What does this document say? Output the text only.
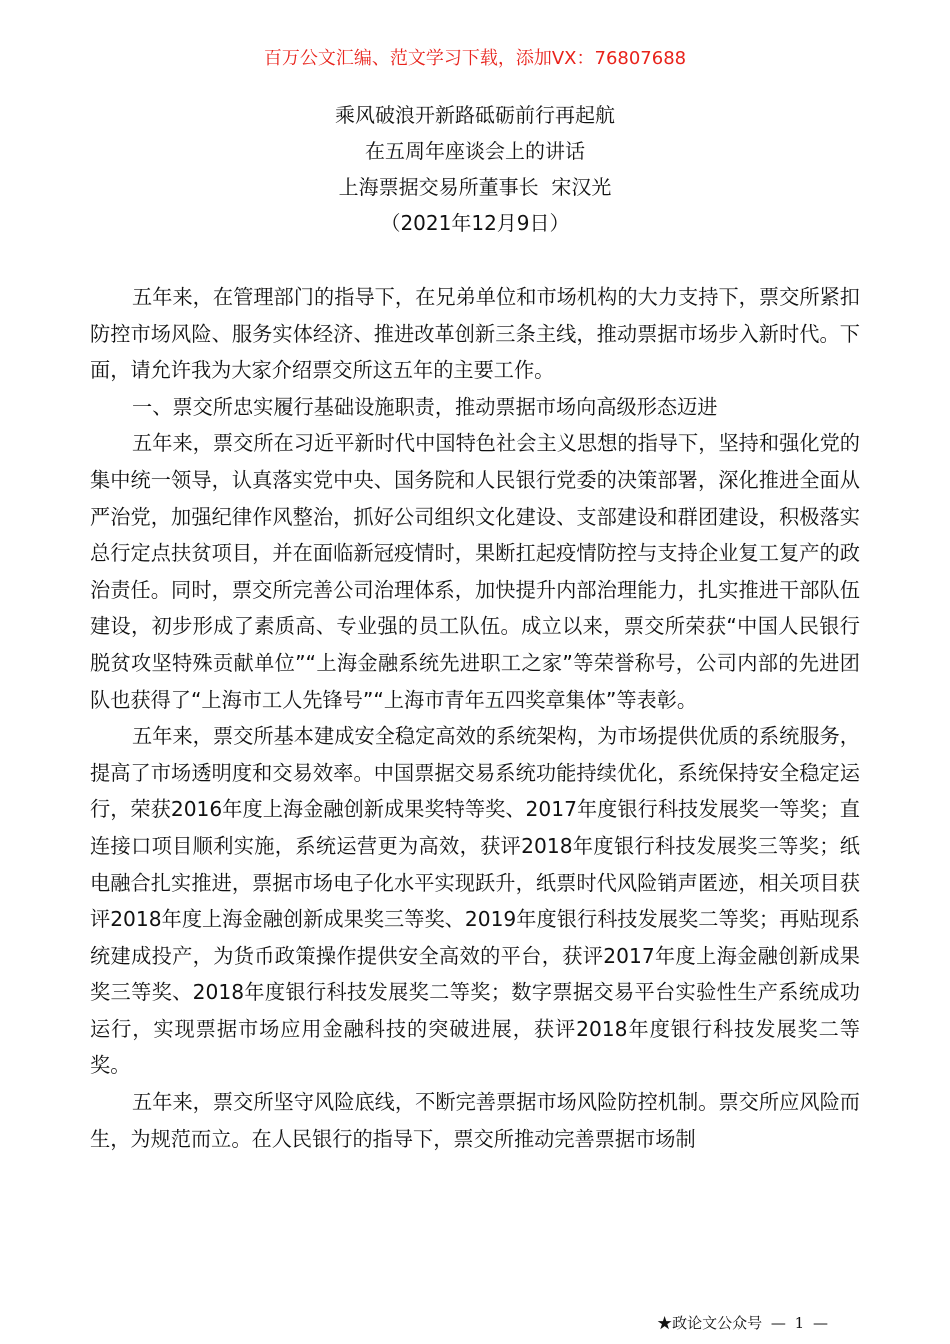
百万公文汇编、范文学习下载，添加VX：76807688
乘风破浪开新路砥砺前行再起航
在五周年座谈会上的讲话
上海票据交易所董事长  宋汉光
（2021年12月9日）

五年来，在管理部门的指导下，在兄弟单位和市场机构的大力支持下，票交所紧扣防控市场风险、服务实体经济、推进改革创新三条主线，推动票据市场步入新时代。下面，请允许我为大家介绍票交所这五年的主要工作。

一、票交所忠实履行基础设施职责，推动票据市场向高级形态迈进

五年来，票交所在习近平新时代中国特色社会主义思想的指导下，坚持和强化党的集中统一领导，认真落实党中央、国务院和人民银行党委的决策部署，深化推进全面从严治党，加强纪律作风整治，抓好公司组织文化建设、支部建设和群团建设，积极落实总行定点扶贫项目，并在面临新冠疫情时，果断扛起疫情防控与支持企业复工复产的政治责任。同时，票交所完善公司治理体系，加快提升内部治理能力，扎实推进干部队伍建设，初步形成了素质高、专业强的员工队伍。成立以来，票交所荣获“中国人民银行脱贫攻坚特殊贡献单位”“上海金融系统先进职工之家”等荣誉称号，公司内部的先进团队也获得了“上海市工人先锋号”“上海市青年五四奖章集体”等表彰。

五年来，票交所基本建成安全稳定高效的系统架构，为市场提供优质的系统服务，提高了市场透明度和交易效率。中国票据交易系统功能持续优化，系统保持安全稳定运行，荣获2016年度上海金融创新成果奖特等奖、2017年度银行科技发展奖一等奖；直连接口项目顺利实施，系统运营更为高效，获评2018年度银行科技发展奖三等奖；纸电融合扎实推进，票据市场电子化水平实现跃升，纸票时代风险销声匿迹，相关项目获评2018年度上海金融创新成果奖三等奖、2019年度银行科技发展奖二等奖；再贴现系统建成投产，为货币政策操作提供安全高效的平台，获评2017年度上海金融创新成果奖三等奖、2018年度银行科技发展奖二等奖；数字票据交易平台实验性生产系统成功运行，实现票据市场应用金融科技的突破进展，获评2018年度银行科技发展奖二等奖。

五年来，票交所坚守风险底线，不断完善票据市场风险防控机制。票交所应风险而生，为规范而立。在人民银行的指导下，票交所推动完善票据市场制

★政论文公众号 — 1 —
